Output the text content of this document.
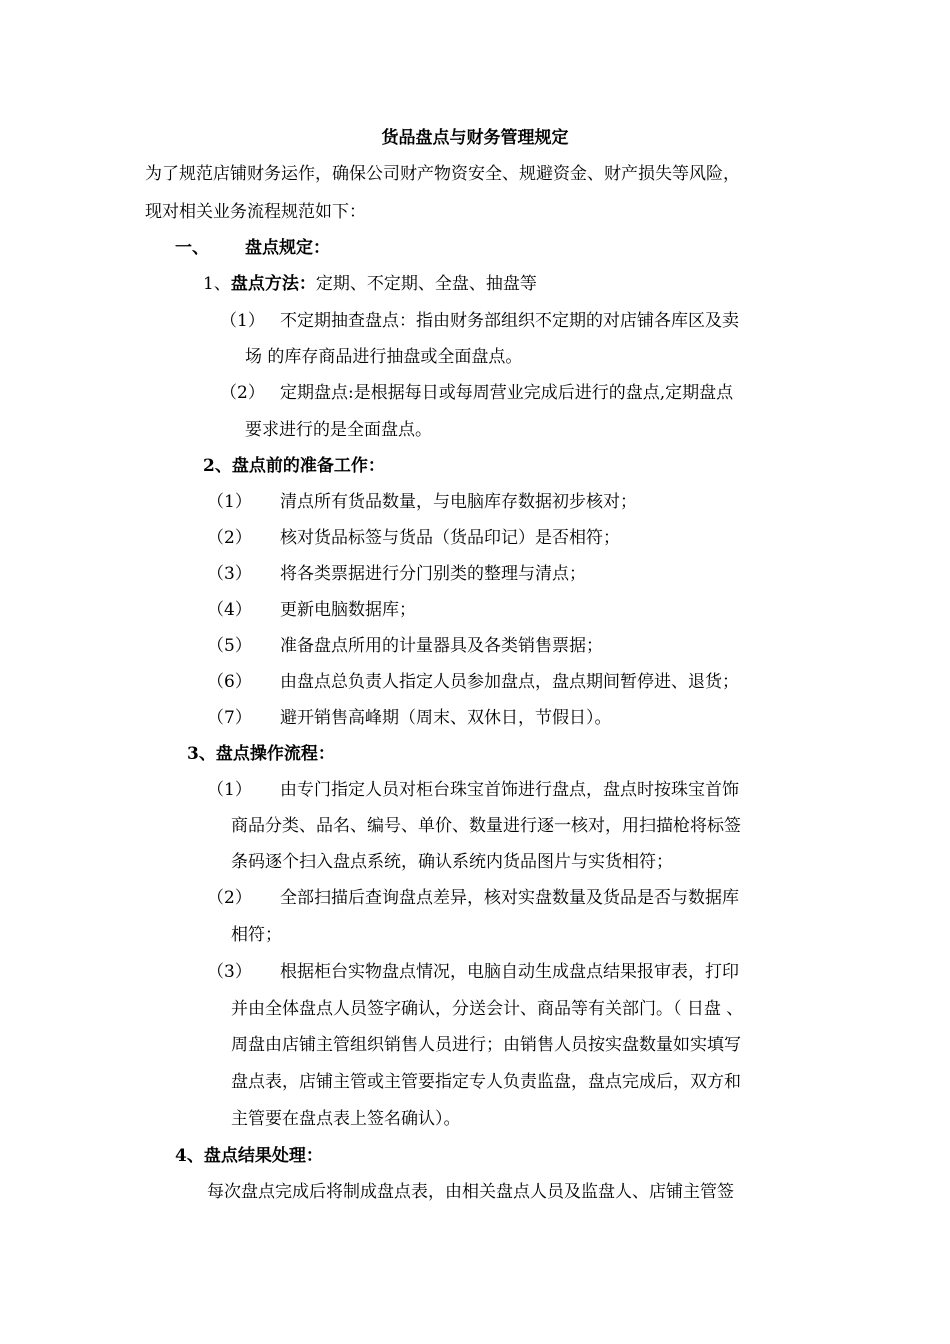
货品盘点与财务管理规定
为了规范店铺财务运作，确保公司财产物资安全、规避资金、财产损失等风险，
现对相关业务流程规范如下：
一、 盘点规定：
1、盘点方法：定期、不定期、全盘、抽盘等
（1） 不定期抽查盘点：指由财务部组织不定期的对店铺各库区及卖
场 的库存商品进行抽盘或全面盘点。
（2） 定期盘点:是根据每日或每周营业完成后进行的盘点,定期盘点
要求进行的是全面盘点。
2、盘点前的准备工作：
（1） 清点所有货品数量，与电脑库存数据初步核对；
（2） 核对货品标签与货品（货品印记）是否相符；
（3） 将各类票据进行分门别类的整理与清点；
（4） 更新电脑数据库；
（5） 准备盘点所用的计量器具及各类销售票据；
（6） 由盘点总负责人指定人员参加盘点，盘点期间暂停进、退货；
（7） 避开销售高峰期（周末、双休日，节假日）。
3、盘点操作流程：
（1） 由专门指定人员对柜台珠宝首饰进行盘点，盘点时按珠宝首饰
商品分类、品名、编号、单价、数量进行逐一核对，用扫描枪将标签
条码逐个扫入盘点系统，确认系统内货品图片与实货相符；
（2） 全部扫描后查询盘点差异，核对实盘数量及货品是否与数据库
相符；
（3） 根据柜台实物盘点情况，电脑自动生成盘点结果报审表，打印
并由全体盘点人员签字确认，分送会计、商品等有关部门。（ 日盘 、
周盘由店铺主管组织销售人员进行；由销售人员按实盘数量如实填写
盘点表，店铺主管或主管要指定专人负责监盘，盘点完成后，双方和
主管要在盘点表上签名确认）。
4、盘点结果处理：
每次盘点完成后将制成盘点表，由相关盘点人员及监盘人、店铺主管签
